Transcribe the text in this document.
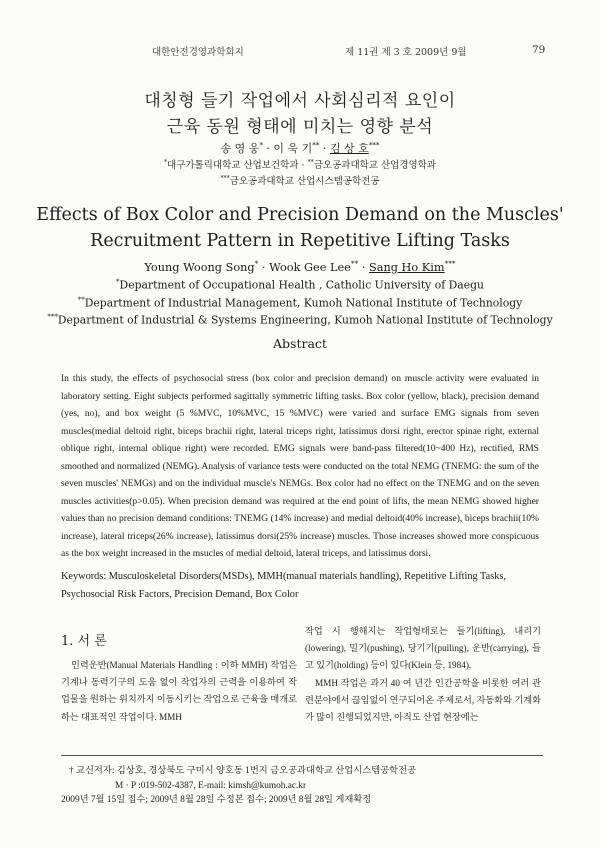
대한안전경영과학회지	제 11권 제 3 호 2009년 9월	79
대칭형 들기 작업에서 사회심리적 요인이
근육 동원 형태에 미치는 영향 분석
송 영 웅* · 이 욱 기** · 김 상 호***
*대구가톨릭대학교 산업보건학과 · **금오공과대학교 산업경영학과
***금오공과대학교 산업시스템공학전공
Effects of Box Color and Precision Demand on the Muscles'
Recruitment Pattern in Repetitive Lifting Tasks
Young Woong Song* · Wook Gee Lee** · Sang Ho Kim***
*Department of Occupational Health , Catholic University of Daegu
**Department of Industrial Management, Kumoh National Institute of Technology
***Department of Industrial & Systems Engineering, Kumoh National Institute of Technology
Abstract
In this study, the effects of psychosocial stress (box color and precision demand) on muscle activity were evaluated in laboratory setting. Eight subjects performed sagittally symmetric lifting tasks. Box color (yellow, black), precision demand (yes, no), and box weight (5 %MVC, 10%MVC, 15 %MVC) were varied and surface EMG signals from seven muscles(medial deltoid right, biceps brachii right, lateral triceps right, latissimus dorsi right, erector spinae right, external oblique right, internal oblique right) were recorded. EMG signals were band-pass filtered(10~400 Hz), rectified, RMS smoothed and normalized (NEMG). Analysis of variance tests were conducted on the total NEMG (TNEMG: the sum of the seven muscles' NEMGs) and on the individual muscle's NEMGs. Box color had no effect on the TNEMG and on the seven muscles activities(p>0.05). When precision demand was required at the end point of lifts, the mean NEMG showed higher values than no precision demand conditions: TNEMG (14% increase) and medial deltoid(40% increase), biceps brachii(10% increase), lateral triceps(26% increase), latissimus dorsi(25% increase) muscles. Those increases showed more conspicuous as the box weight increased in the msucles of medial deltoid, lateral triceps, and latissimus dorsi.
Keywords: Musculoskeletal Disorders(MSDs), MMH(manual materials handling), Repetitive Lifting Tasks, Psychosocial Risk Factors, Precision Demand, Box Color
1. 서 론

인력운반(Manual Materials Handling : 이하 MMH) 작업은 기계나 동력기구의 도움 없이 작업자의 근력을 이용하여 작업물을 원하는 위치까지 이동시키는 작업으로 근육을 매개로 하는 대표적인 작업이다. MMH

작업 시 행해지는 작업형태로는 들기(lifting), 내리기(lowering), 밀기(pushing), 당기기(pulling), 운반(carrying), 들고 있기(holding) 등이 있다(Klein 등, 1984).

MMH 작업은 과거 40 여 년간 인간공학을 비롯한 여러 관련분야에서 끊임없이 연구되어온 주제로서, 자동화와 기계화가 많이 진행되었지만, 아직도 산업 현장에는

† 교신저자: 김상호, 경상북도 구미시 양호동 1번지 금오공과대학교 산업시스템공학전공
M · P :019-502-4387, E-mail: kimsh@kumoh.ac.kr
2009년 7월 15일 접수; 2009년 8월 28일 수정본 접수; 2009년 8월 28일 게재확정
